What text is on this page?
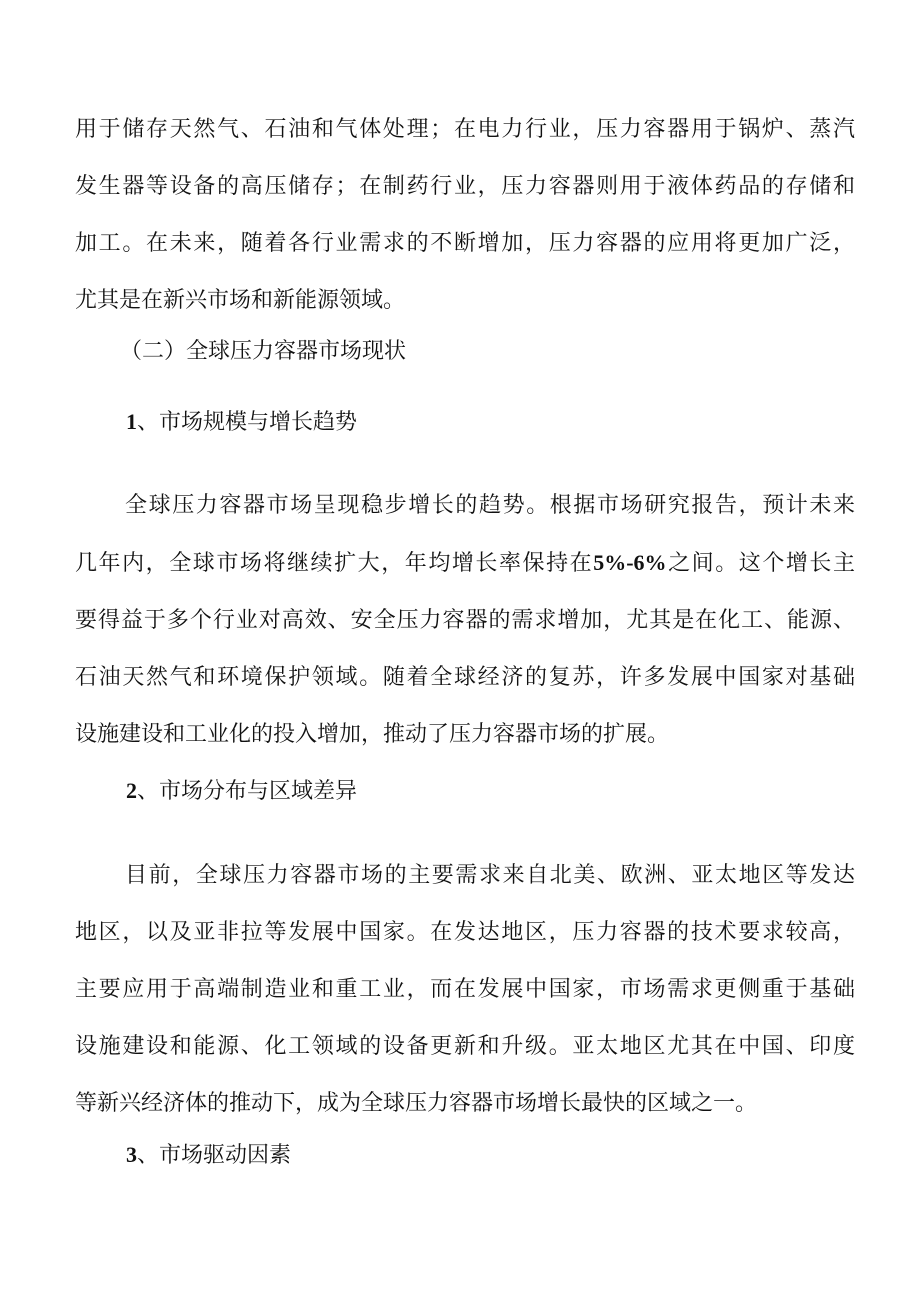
用于储存天然气、石油和气体处理；在电力行业，压力容器用于锅炉、蒸汽
发生器等设备的高压储存；在制药行业，压力容器则用于液体药品的存储和
加工。在未来，随着各行业需求的不断增加，压力容器的应用将更加广泛，
尤其是在新兴市场和新能源领域。
（二）全球压力容器市场现状
1、市场规模与增长趋势
全球压力容器市场呈现稳步增长的趋势。根据市场研究报告，预计未来
几年内，全球市场将继续扩大，年均增长率保持在5%-6%之间。这个增长主
要得益于多个行业对高效、安全压力容器的需求增加，尤其是在化工、能源、
石油天然气和环境保护领域。随着全球经济的复苏，许多发展中国家对基础
设施建设和工业化的投入增加，推动了压力容器市场的扩展。
2、市场分布与区域差异
目前，全球压力容器市场的主要需求来自北美、欧洲、亚太地区等发达
地区，以及亚非拉等发展中国家。在发达地区，压力容器的技术要求较高，
主要应用于高端制造业和重工业，而在发展中国家，市场需求更侧重于基础
设施建设和能源、化工领域的设备更新和升级。亚太地区尤其在中国、印度
等新兴经济体的推动下，成为全球压力容器市场增长最快的区域之一。
3、市场驱动因素
